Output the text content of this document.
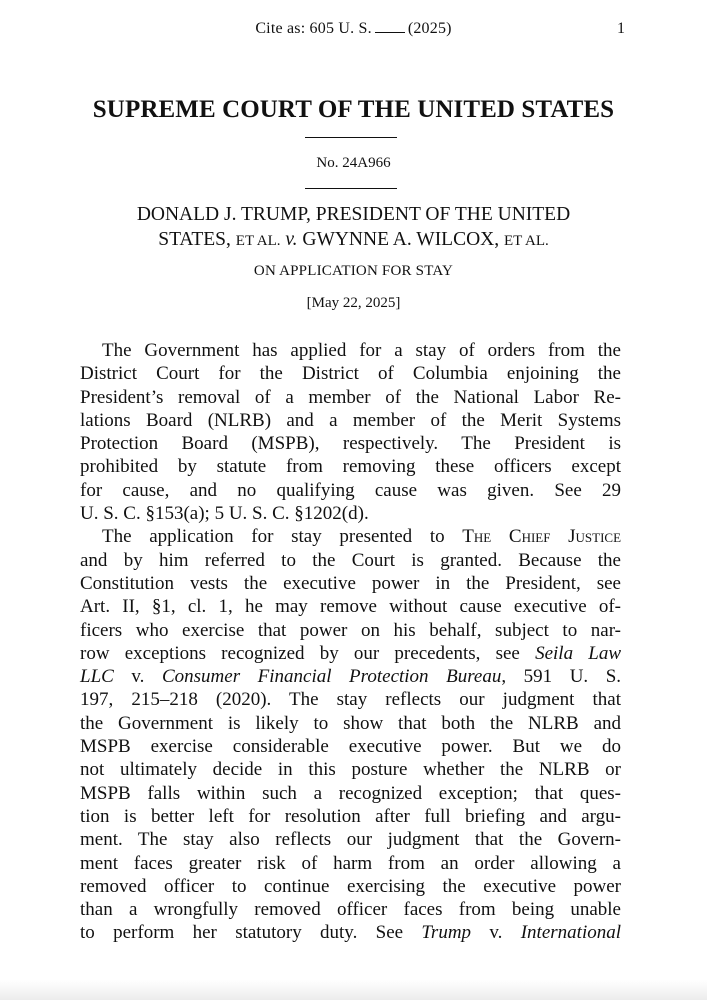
Cite as: 605 U. S. (2025)	1
SUPREME COURT OF THE UNITED STATES
No. 24A966
DONALD J. TRUMP, PRESIDENT OF THE UNITED
STATES, ET AL. v. GWYNNE A. WILCOX, ET AL.
ON APPLICATION FOR STAY
[May 22, 2025]
The Government has applied for a stay of orders from the
District Court for the District of Columbia enjoining the
President’s removal of a member of the National Labor Re-
lations Board (NLRB) and a member of the Merit Systems
Protection Board (MSPB), respectively. The President is
prohibited by statute from removing these officers except
for cause, and no qualifying cause was given. See 29
U. S. C. §153(a); 5 U. S. C. §1202(d).
The application for stay presented to The Chief Justice
and by him referred to the Court is granted. Because the
Constitution vests the executive power in the President, see
Art. II, §1, cl. 1, he may remove without cause executive of-
ficers who exercise that power on his behalf, subject to nar-
row exceptions recognized by our precedents, see Seila Law
LLC v. Consumer Financial Protection Bureau, 591 U. S.
197, 215–218 (2020). The stay reflects our judgment that
the Government is likely to show that both the NLRB and
MSPB exercise considerable executive power. But we do
not ultimately decide in this posture whether the NLRB or
MSPB falls within such a recognized exception; that ques-
tion is better left for resolution after full briefing and argu-
ment. The stay also reflects our judgment that the Govern-
ment faces greater risk of harm from an order allowing a
removed officer to continue exercising the executive power
than a wrongfully removed officer faces from being unable
to perform her statutory duty. See Trump v. International
